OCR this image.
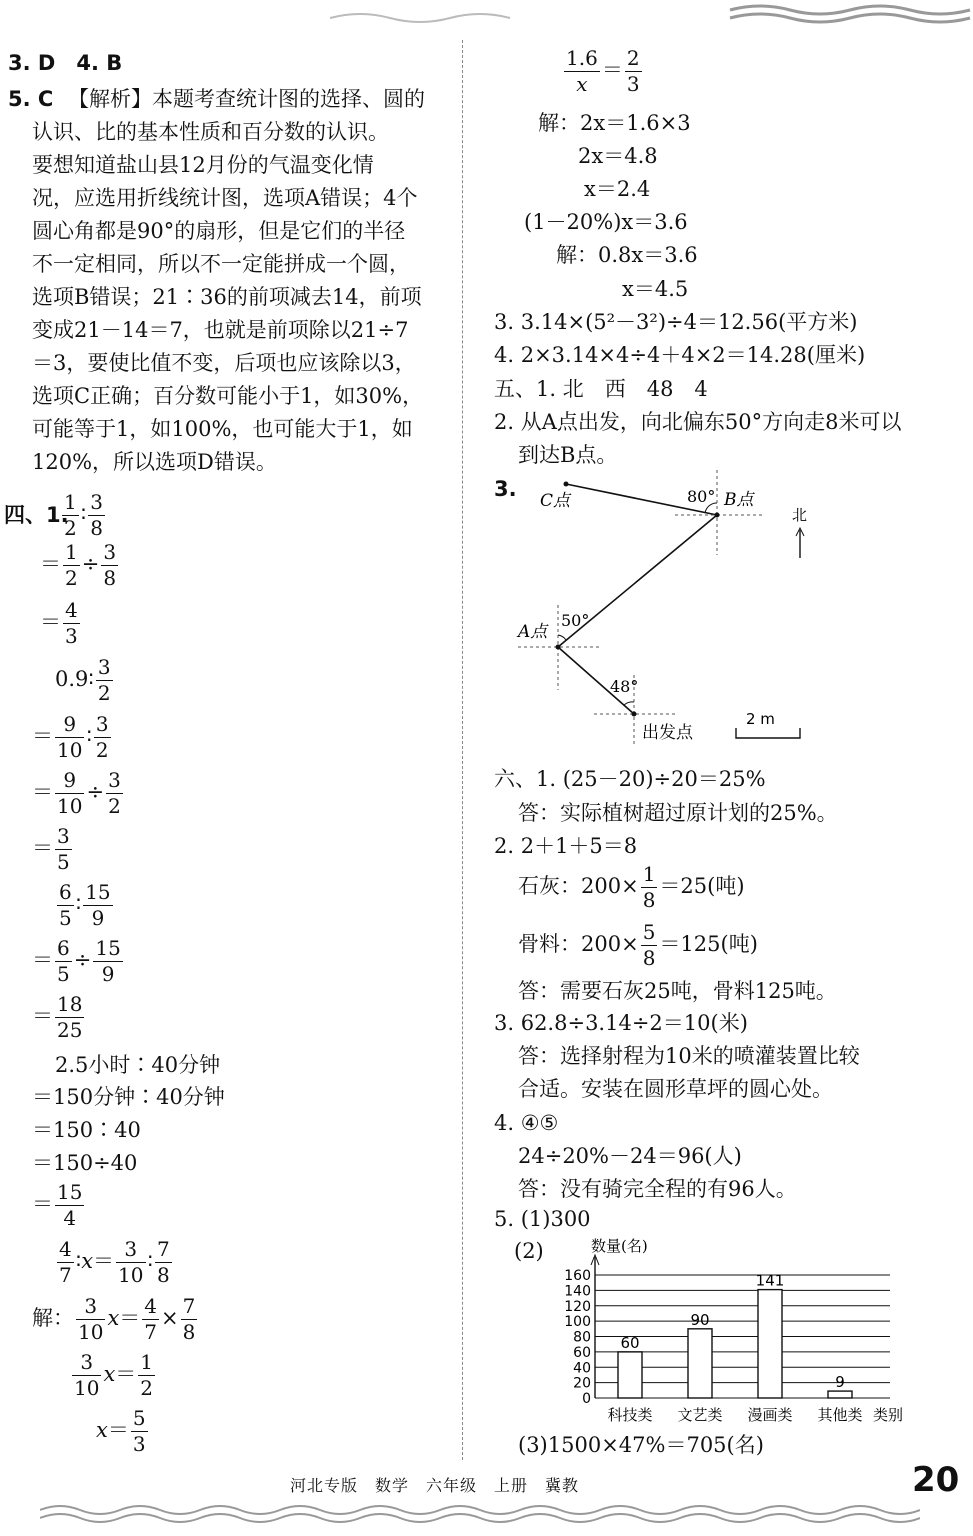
3. D　4. B
5. C 【解析】本题考查统计图的选择、圆的
认识、比的基本性质和百分数的认识。
要想知道盐山县12月份的气温变化情
况，应选用折线统计图，选项A错误；4个
圆心角都是90°的扇形，但是它们的半径
不一定相同，所以不一定能拼成一个圆，
选项B错误；21∶36的前项减去14，前项
变成21－14＝7，也就是前项除以21÷7
＝3，要使比值不变，后项也应该除以3，
选项C正确；百分数可能小于1，如30%，
可能等于1，如100%，也可能大于1，如
120%，所以选项D错误。
四、1.
$\frac{1}{2}$ ∶ $\frac{3}{8}$
＝ $\frac{1}{2} \div \frac{3}{8}$
＝ $\frac{4}{3}$
0.9∶ $\frac{3}{2}$
＝ $\frac{9}{10}$ ∶ $\frac{3}{2}$
＝ $\frac{9}{10} \div \frac{3}{2}$
＝ $\frac{3}{5}$
$\frac{6}{5}$ ∶ $\frac{15}{9}$
＝ $\frac{6}{5} \div \frac{15}{9}$
＝ $\frac{18}{25}$
2.5小时∶40分钟
＝150分钟∶40分钟
＝150∶40
＝150÷40
＝ $\frac{15}{4}$
$\frac{4}{7}$ ∶x＝ $\frac{3}{10}$ ∶ $\frac{7}{8}$
解： $\frac{3}{10} x= \frac{4}{7} \times \frac{7}{8}$
$\frac{3}{10} x= \frac{1}{2}$
$x= \frac{5}{3}$
$\frac{1.6}{x} = \frac{2}{3}$
解：2x＝1.6×3
2x＝4.8
x＝2.4
(1－20%)x＝3.6
解：0.8x＝3.6
x＝4.5
3. 3.14×(5²－3²)÷4＝12.56(平方米)
4. 2×3.14×4÷4＋4×2＝14.28(厘米)
五、1. 北　西　48　4
2. 从A点出发，向北偏东50°方向走8米可以
到达B点。
3. C点	B点
A点
出发点
北
80°
50°
48°
2 m
六、1. (25－20)÷20＝25%
答：实际植树超过原计划的25%。
2. 2＋1＋5＝8
石灰：$200\times \frac{1}{8} =25$(吨)
骨料：$200\times \frac{5}{8} =125$(吨)
答：需要石灰25吨，骨料125吨。
3. 62.8÷3.14÷2＝10(米)
答：选择射程为10米的喷灌装置比较
合适。安装在圆形草坪的圆心处。
4. ④⑤
24÷20%－24＝96(人)
答：没有骑完全程的有96人。
5. (1)300
(2)
0
20
40
60
80
100
120
140
160
数量(名)
类别
60
科技类
90
文艺类
141
漫画类
9
其他类
(3)1500×47%＝705(名)
河北专版　数学　六年级　上册　冀教	20
